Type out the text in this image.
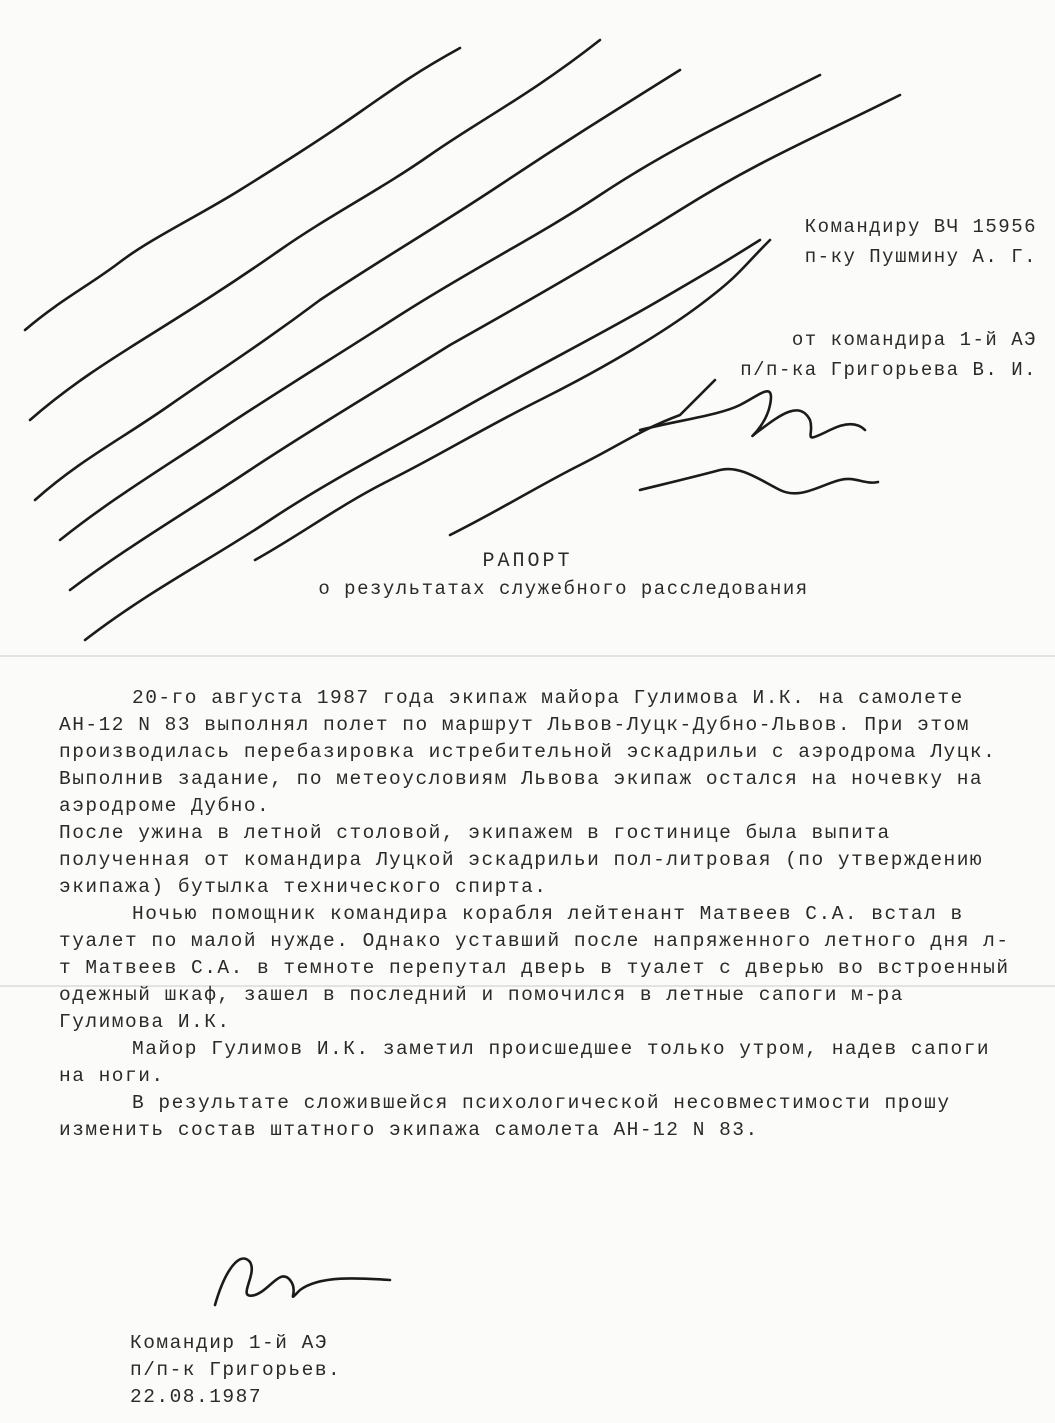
Командиру ВЧ 15956
п-ку Пушмину А. Г.
от командира 1-й АЭ
п/п-ка Григорьева В. И.
РАПОРТ
о результатах служебного расследования

20-го августа 1987 года экипаж майора Гулимова И.К. на самолете АН-12 N 83 выполнял полет по маршрут Львов-Луцк-Дубно-Львов. При этом производилась перебазировка истребительной эскадрильи с аэродрома Луцк.

Выполнив задание, по метеоусловиям Львова экипаж остался на ночевку на аэродроме Дубно.

После ужина в летной столовой, экипажем в гостинице была выпита полученная от командира Луцкой эскадрильи пол-литровая (по утверждению экипажа) бутылка технического спирта.

Ночью помощник командира корабля лейтенант Матвеев С.А. встал в туалет по малой нужде. Однако уставший после напряженного летного дня л-т Матвеев С.А. в темноте перепутал дверь в туалет с дверью во встроенный одежный шкаф, зашел в последний и помочился в летные сапоги м-ра Гулимова И.К.

Майор Гулимов И.К. заметил происшедшее только утром, надев сапоги на ноги.

В результате сложившейся психологической несовместимости прошу изменить состав штатного экипажа самолета АН-12 N 83.

Командир 1-й АЭ
п/п-к Григорьев.
22.08.1987
